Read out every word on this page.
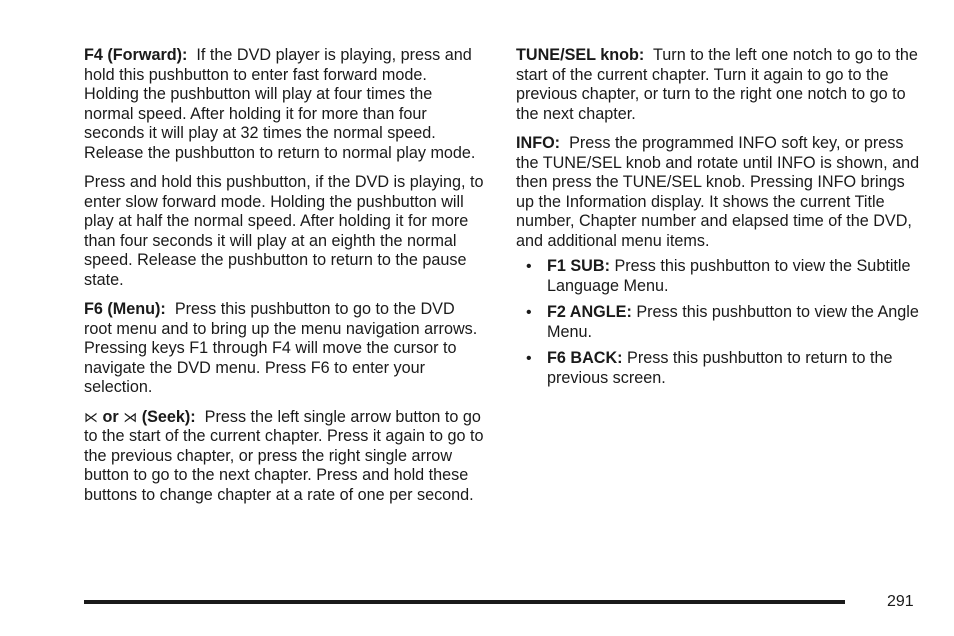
F4 (Forward): If the DVD player is playing, press and hold this pushbutton to enter fast forward mode. Holding the pushbutton will play at four times the normal speed. After holding it for more than four seconds it will play at 32 times the normal speed. Release the pushbutton to return to normal play mode.

Press and hold this pushbutton, if the DVD is playing, to enter slow forward mode. Holding the pushbutton will play at half the normal speed. After holding it for more than four seconds it will play at an eighth the normal speed. Release the pushbutton to return to the pause state.

F6 (Menu): Press this pushbutton to go to the DVD root menu and to bring up the menu navigation arrows. Pressing keys F1 through F4 will move the cursor to navigate the DVD menu. Press F6 to enter your selection.

⋉ or ⋊ (Seek): Press the left single arrow button to go to the start of the current chapter. Press it again to go to the previous chapter, or press the right single arrow button to go to the next chapter. Press and hold these buttons to change chapter at a rate of one per second.

TUNE/SEL knob: Turn to the left one notch to go to the start of the current chapter. Turn it again to go to the previous chapter, or turn to the right one notch to go to the next chapter.

INFO: Press the programmed INFO soft key, or press the TUNE/SEL knob and rotate until INFO is shown, and then press the TUNE/SEL knob. Pressing INFO brings up the Information display. It shows the current Title number, Chapter number and elapsed time of the DVD, and additional menu items.

• F1 SUB: Press this pushbutton to view the Subtitle Language Menu.
• F2 ANGLE: Press this pushbutton to view the Angle Menu.
• F6 BACK: Press this pushbutton to return to the previous screen.
291
